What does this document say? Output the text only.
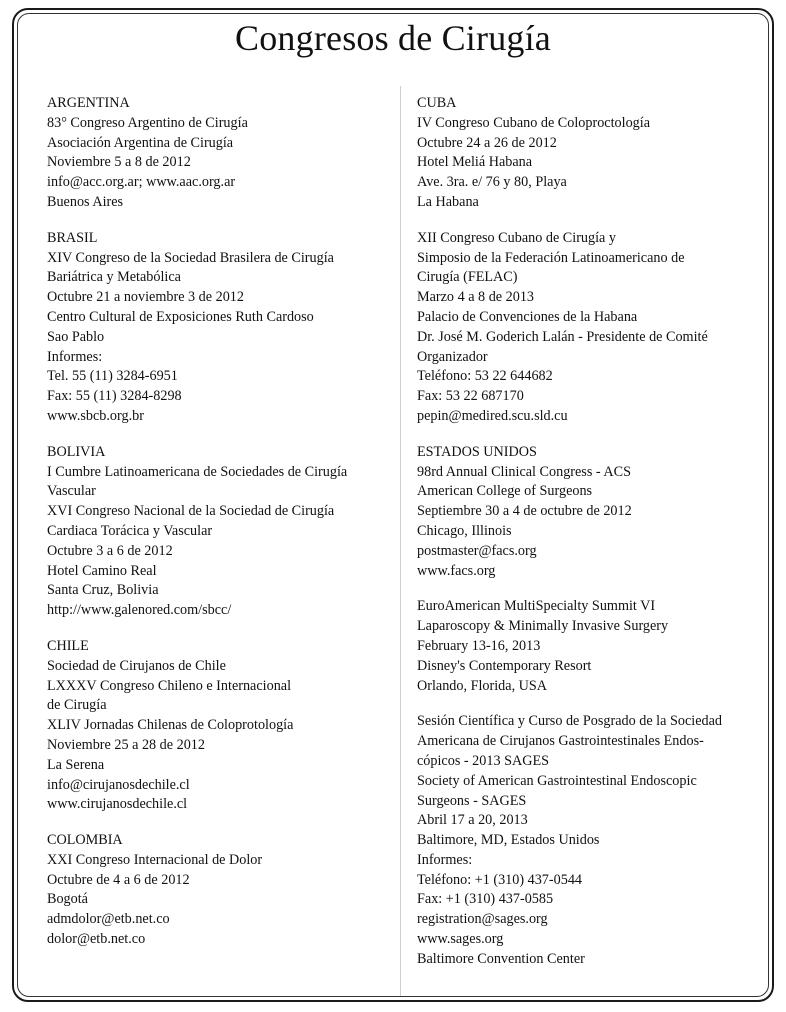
Congresos de Cirugía
ARGENTINA
83° Congreso Argentino de Cirugía
Asociación Argentina de Cirugía
Noviembre 5 a 8 de 2012
info@acc.org.ar; www.aac.org.ar
Buenos Aires
BRASIL
XIV Congreso de la Sociedad Brasilera de Cirugía
Bariátrica y Metabólica
Octubre 21 a noviembre 3 de 2012
Centro Cultural de Exposiciones Ruth Cardoso
Sao Pablo
Informes:
Tel. 55 (11) 3284-6951
Fax: 55 (11) 3284-8298
www.sbcb.org.br
BOLIVIA
I Cumbre Latinoamericana de Sociedades de Cirugía
Vascular
XVI Congreso Nacional de la Sociedad de Cirugía
Cardiaca Torácica y Vascular
Octubre 3 a 6 de 2012
Hotel Camino Real
Santa Cruz, Bolivia
http://www.galenored.com/sbcc/
CHILE
Sociedad de Cirujanos de Chile
LXXXV Congreso Chileno e Internacional
de Cirugía
XLIV Jornadas Chilenas de Coloprotología
Noviembre 25 a 28 de 2012
La Serena
info@cirujanosdechile.cl
www.cirujanosdechile.cl
COLOMBIA
XXI Congreso Internacional de Dolor
Octubre de 4 a 6 de 2012
Bogotá
admdolor@etb.net.co
dolor@etb.net.co
CUBA
IV Congreso Cubano de Coloproctología
Octubre 24 a 26 de 2012
Hotel Meliá Habana
Ave. 3ra. e/ 76 y 80, Playa
La Habana
XII Congreso Cubano de Cirugía y
Simposio de la Federación Latinoamericano de
Cirugía (FELAC)
Marzo 4 a 8 de 2013
Palacio de Convenciones de la Habana
Dr. José M. Goderich Lalán - Presidente de Comité
Organizador
Teléfono: 53 22 644682
Fax: 53 22 687170
pepin@medired.scu.sld.cu
ESTADOS UNIDOS
98rd Annual Clinical Congress - ACS
American College of Surgeons
Septiembre 30 a 4 de octubre de 2012
Chicago, Illinois
postmaster@facs.org
www.facs.org
EuroAmerican MultiSpecialty Summit VI
Laparoscopy & Minimally Invasive Surgery
February 13-16, 2013
Disney's Contemporary Resort
Orlando, Florida, USA
Sesión Científica y Curso de Posgrado de la Sociedad
Americana de Cirujanos Gastrointestinales Endos-
cópicos - 2013 SAGES
Society of American Gastrointestinal Endoscopic
Surgeons - SAGES
Abril 17 a 20, 2013
Baltimore, MD, Estados Unidos
Informes:
Teléfono: +1 (310) 437-0544
Fax: +1 (310) 437-0585
registration@sages.org
www.sages.org
Baltimore Convention Center
